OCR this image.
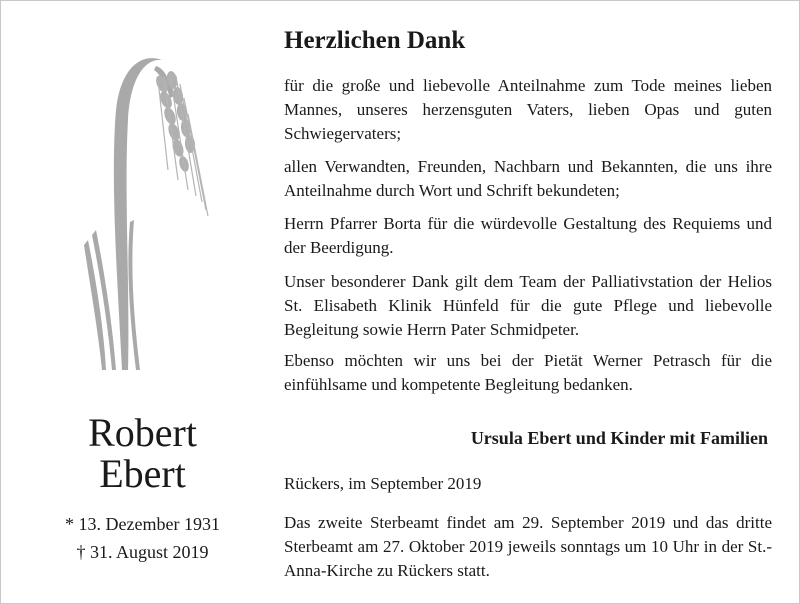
Robert
Ebert
* 13. Dezember 1931
† 31. August 2019
Herzlichen Dank
für die große und liebevolle Anteilnahme zum Tode meines lieben Mannes, unseres herzensguten Vaters, lieben Opas und guten Schwiegervaters;
allen Verwandten, Freunden, Nachbarn und Bekannten, die uns ihre Anteilnahme durch Wort und Schrift bekundeten;
Herrn Pfarrer Borta für die würdevolle Gestaltung des Requiems und der Beerdigung.
Unser besonderer Dank gilt dem Team der Palliativstation der Helios St. Elisabeth Klinik Hünfeld für die gute Pflege und liebevolle Begleitung sowie Herrn Pater Schmidpeter.
Ebenso möchten wir uns bei der Pietät Werner Petrasch für die einfühlsame und kompetente Begleitung bedanken.
Ursula Ebert und Kinder mit Familien
Rückers, im September 2019
Das zweite Sterbeamt findet am 29. September 2019 und das dritte Sterbeamt am 27. Oktober 2019 jeweils sonntags um 10 Uhr in der St.-Anna-Kirche zu Rückers statt.
